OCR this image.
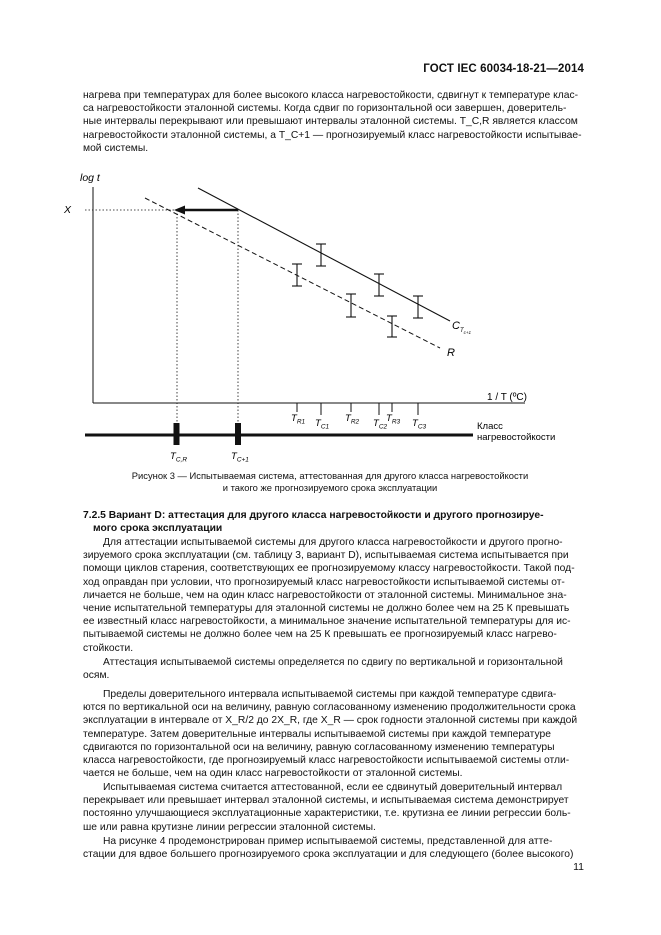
ГОСТ IEC 60034-18-21—2014
нагрева при температурах для более высокого класса нагревостойкости, сдвигнут к температуре клас-
са нагревостойкости эталонной системы. Когда сдвиг по горизонтальной оси завершен, доверитель-
ные интервалы перекрывают или превышают интервалы эталонной системы. T_C,R является классом
нагревостойкости эталонной системы, а T_C+1 — прогнозируемый класс нагревостойкости испытывае-
мой системы.
log t
1 / T (ºC)
X
$C_Tc+1$
R
$T_{R1}$ $T_{C1}$
$T_{R2}$ $T_{C2}$
$T_{R3}$ $T_{C3}$
$T_{C,R}$	$T_{C+1}$
Класс
нагревостойкости
Рисунок 3 — Испытываемая система, аттестованная для другого класса нагревостойкости
и такого же прогнозируемого срока эксплуатации
7.2.5 Вариант D: аттестация для другого класса нагревостойкости и другого прогнозируе-
мого срока эксплуатации
Для аттестации испытываемой системы для другого класса нагревостойкости и другого прогно-
зируемого срока эксплуатации (см. таблицу 3, вариант D), испытываемая система испытывается при
помощи циклов старения, соответствующих ее прогнозируемому классу нагревостойкости. Такой под-
ход оправдан при условии, что прогнозируемый класс нагревостойкости испытываемой системы от-
личается не больше, чем на один класс нагревостойкости от эталонной системы. Минимальное зна-
чение испытательной температуры для эталонной системы не должно более чем на 25 К превышать
ее известный класс нагревостойкости, а минимальное значение испытательной температуры для ис-
пытываемой системы не должно более чем на 25 К превышать ее прогнозируемый класс нагрево-
стойкости.
Аттестация испытываемой системы определяется по сдвигу по вертикальной и горизонтальной
осям.
Пределы доверительного интервала испытываемой системы при каждой температуре сдвига-
ются по вертикальной оси на величину, равную согласованному изменению продолжительности срока
эксплуатации в интервале от X_R/2 до 2X_R, где X_R — срок годности эталонной системы при каждой
температуре. Затем доверительные интервалы испытываемой системы при каждой температуре
сдвигаются по горизонтальной оси на величину, равную согласованному изменению температуры
класса нагревостойкости, где прогнозируемый класс нагревостойкости испытываемой системы отли-
чается не больше, чем на один класс нагревостойкости от эталонной системы.
Испытываемая система считается аттестованной, если ее сдвинутый доверительный интервал
перекрывает или превышает интервал эталонной системы, и испытываемая система демонстрирует
постоянно улучшающиеся эксплуатационные характеристики, т.е. крутизна ее линии регрессии боль-
ше или равна крутизне линии регрессии эталонной системы.
На рисунке 4 продемонстрирован пример испытываемой системы, представленной для атте-
стации для вдвое большего прогнозируемого срока эксплуатации и для следующего (более высокого)
11
